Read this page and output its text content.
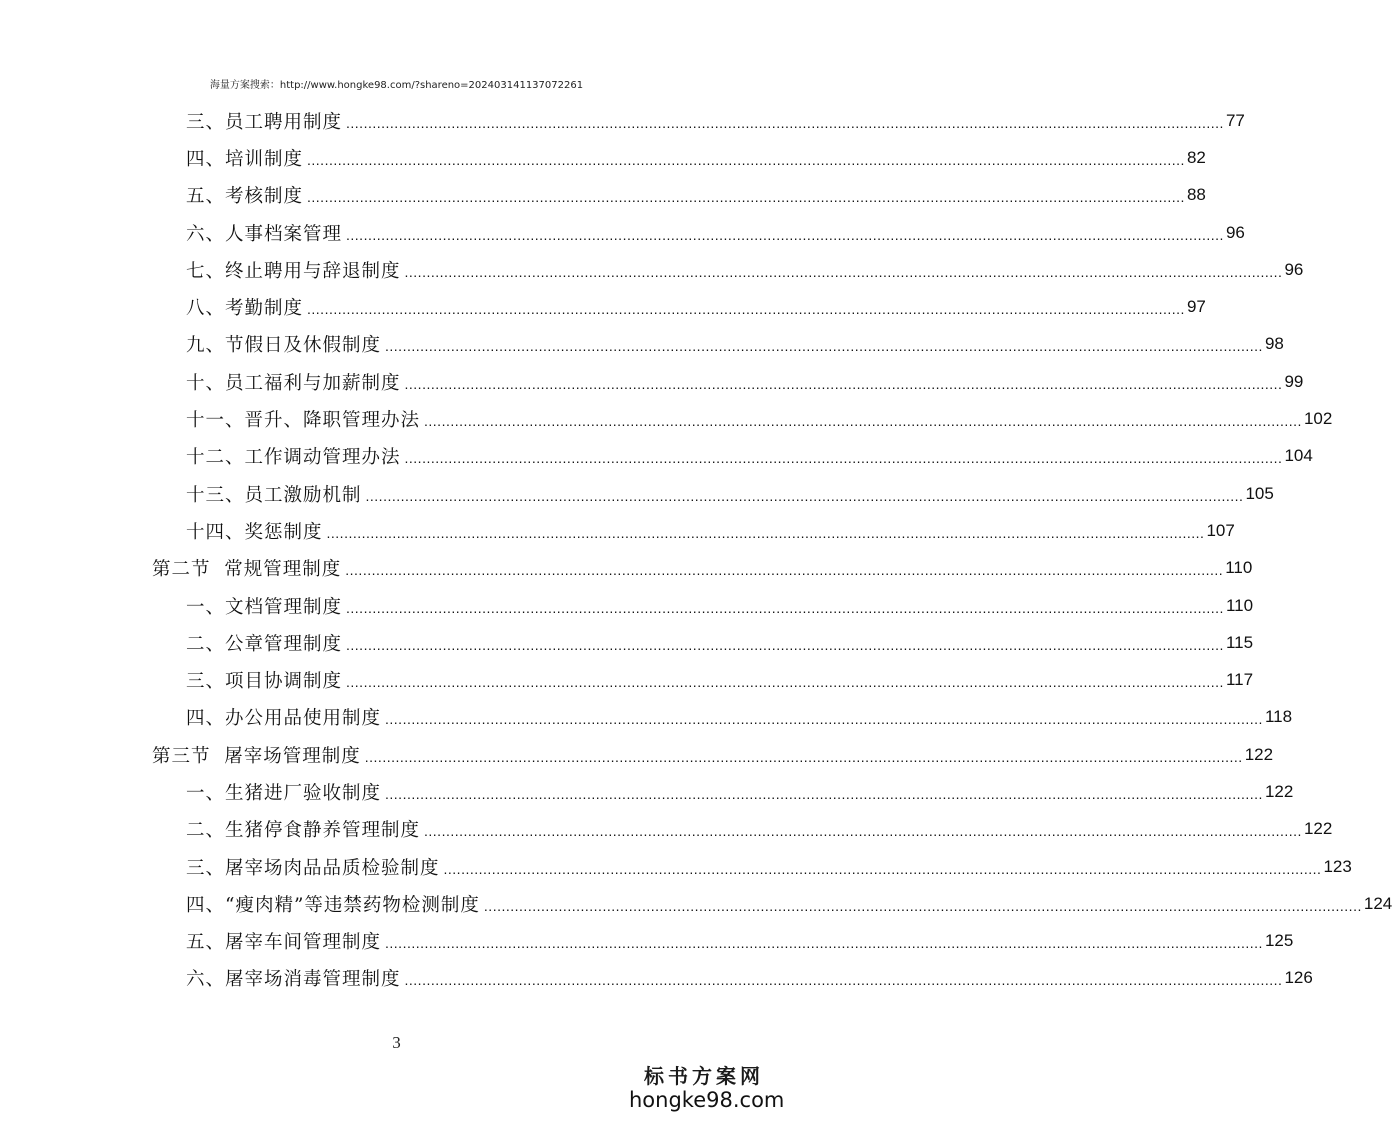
海量方案搜索：http://www.hongke98.com/?shareno=202403141137072261
三、员工聘用制度 ........................................................................................................................................................................................................ 77
四、培训制度 ........................................................................................................................................................................................................ 82
五、考核制度 ........................................................................................................................................................................................................ 88
六、人事档案管理 ........................................................................................................................................................................................................ 96
七、终止聘用与辞退制度 ........................................................................................................................................................................................................ 96
八、考勤制度 ........................................................................................................................................................................................................ 97
九、节假日及休假制度 ........................................................................................................................................................................................................ 98
十、员工福利与加薪制度 ........................................................................................................................................................................................................ 99
十一、晋升、降职管理办法 ........................................................................................................................................................................................................ 102
十二、工作调动管理办法 ........................................................................................................................................................................................................ 104
十三、员工激励机制 ........................................................................................................................................................................................................ 105
十四、奖惩制度 ........................................................................................................................................................................................................ 107
第二节  常规管理制度 ........................................................................................................................................................................................................ 110
一、文档管理制度 ........................................................................................................................................................................................................ 110
二、公章管理制度 ........................................................................................................................................................................................................ 115
三、项目协调制度 ........................................................................................................................................................................................................ 117
四、办公用品使用制度 ........................................................................................................................................................................................................ 118
第三节  屠宰场管理制度 ........................................................................................................................................................................................................ 122
一、生猪进厂验收制度 ........................................................................................................................................................................................................ 122
二、生猪停食静养管理制度 ........................................................................................................................................................................................................ 122
三、屠宰场肉品品质检验制度 ........................................................................................................................................................................................................ 123
四、“瘦肉精”等违禁药物检测制度 ........................................................................................................................................................................................................ 124
五、屠宰车间管理制度 ........................................................................................................................................................................................................ 125
六、屠宰场消毒管理制度 ........................................................................................................................................................................................................ 126
3
标书方案网
hongke98.com
